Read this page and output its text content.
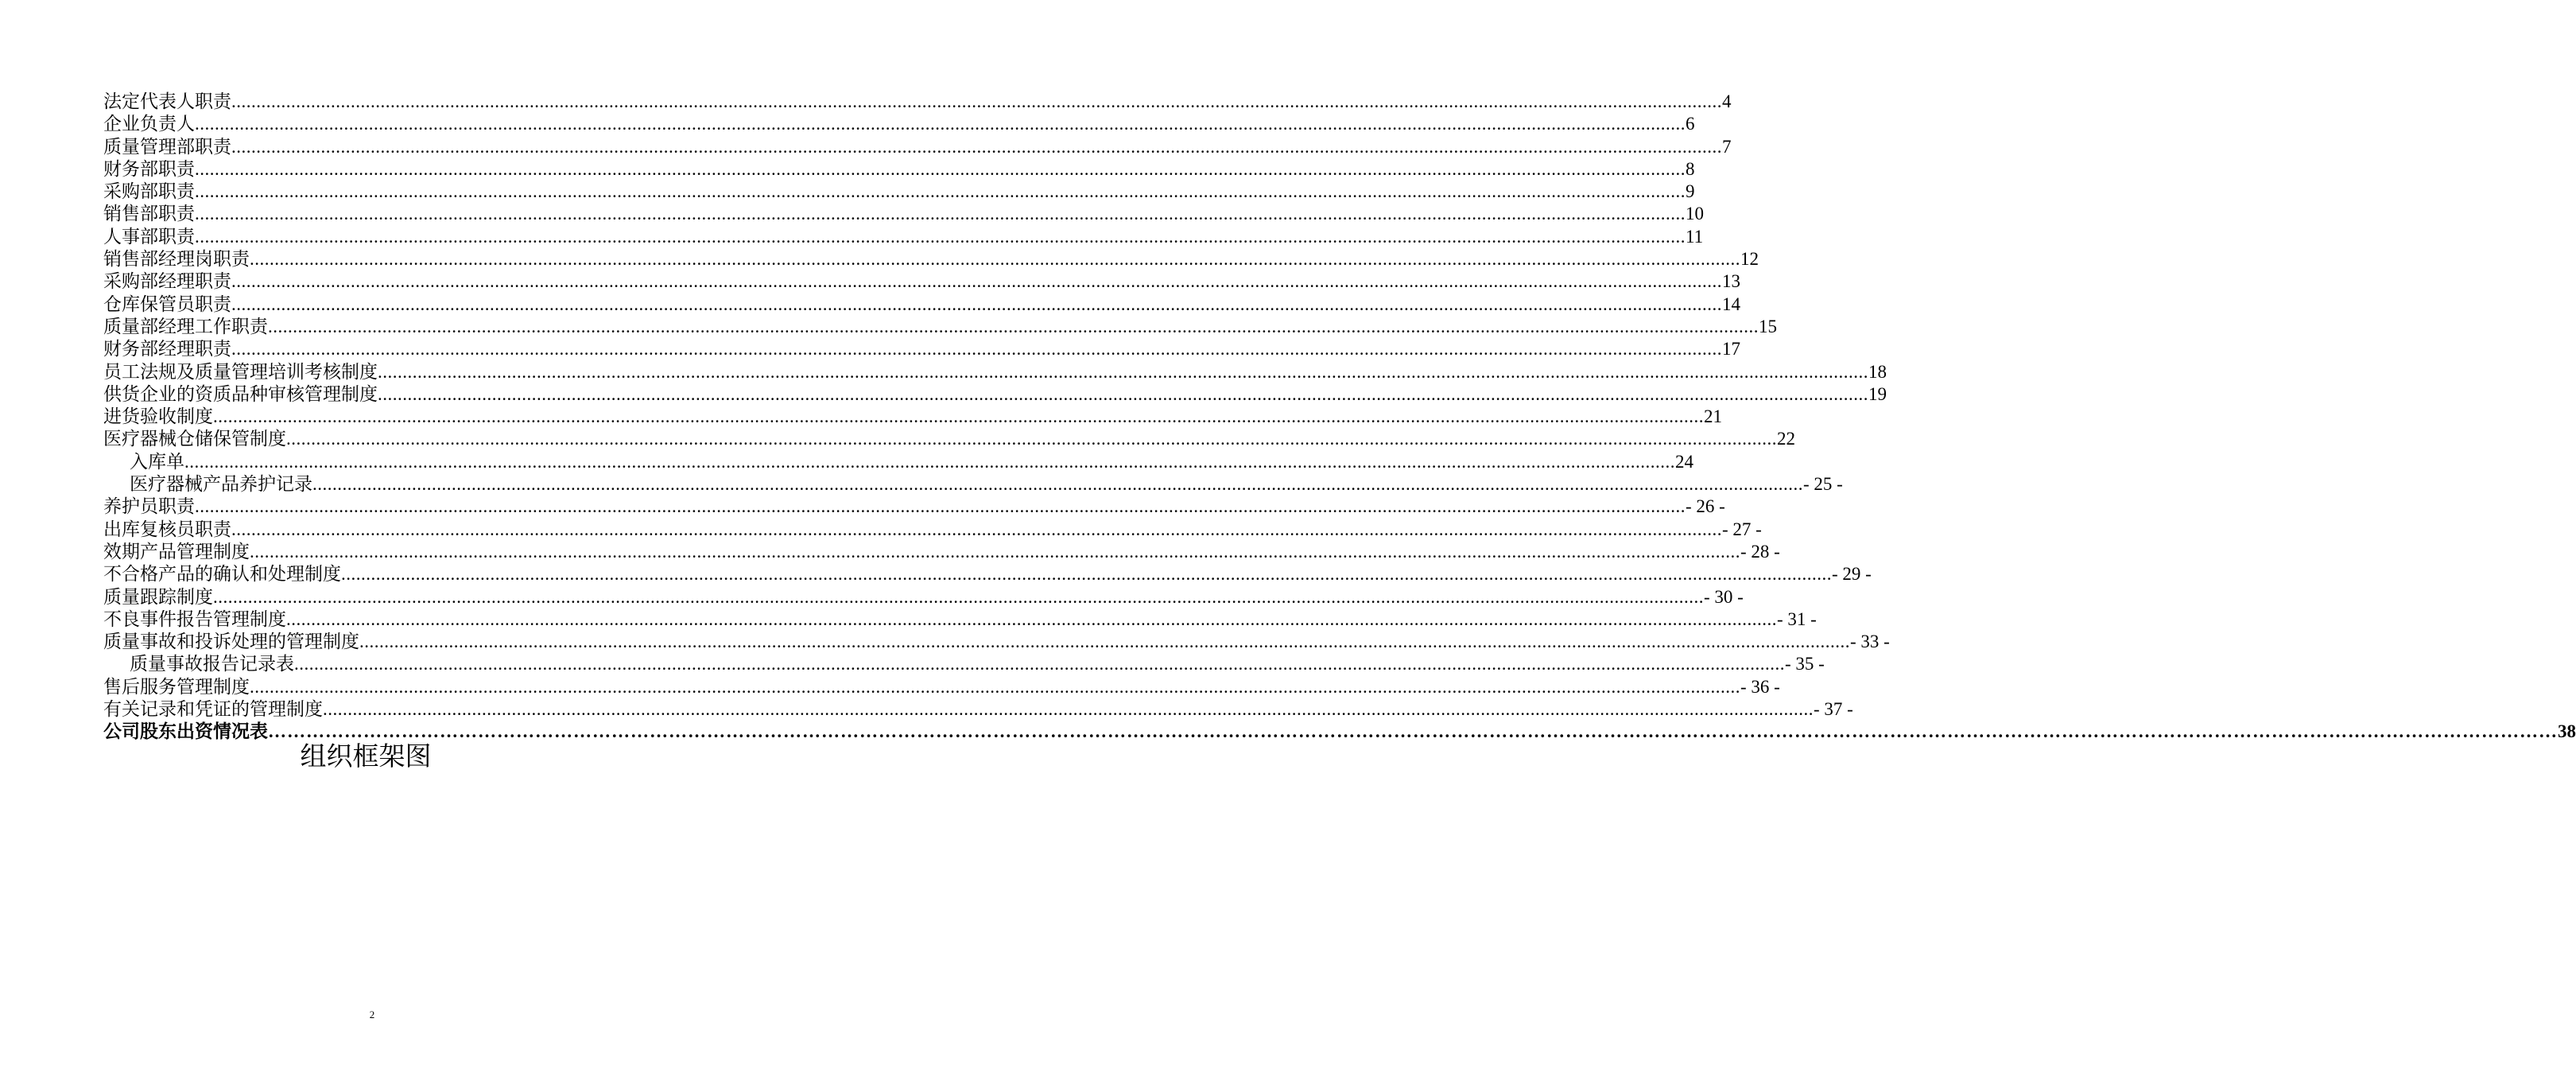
法定代表人职责 ............................................................................................................................................................................................................................................................................................................ 4
企业负责人 ............................................................................................................................................................................................................................................................................................................ 6
质量管理部职责 ............................................................................................................................................................................................................................................................................................................ 7
财务部职责 ............................................................................................................................................................................................................................................................................................................ 8
采购部职责 ............................................................................................................................................................................................................................................................................................................ 9
销售部职责 ............................................................................................................................................................................................................................................................................................................ 10
人事部职责 ............................................................................................................................................................................................................................................................................................................ 11
销售部经理岗职责 ............................................................................................................................................................................................................................................................................................................ 12
采购部经理职责 ............................................................................................................................................................................................................................................................................................................ 13
仓库保管员职责 ............................................................................................................................................................................................................................................................................................................ 14
质量部经理工作职责 ............................................................................................................................................................................................................................................................................................................ 15
财务部经理职责 ............................................................................................................................................................................................................................................................................................................ 17
员工法规及质量管理培训考核制度 ............................................................................................................................................................................................................................................................................................................ 18
供货企业的资质品种审核管理制度 ............................................................................................................................................................................................................................................................................................................ 19
进货验收制度 ............................................................................................................................................................................................................................................................................................................ 21
医疗器械仓储保管制度 ............................................................................................................................................................................................................................................................................................................ 22
入库单 ............................................................................................................................................................................................................................................................................................................ 24
医疗器械产品养护记录 ............................................................................................................................................................................................................................................................................................................ - 25 -
养护员职责 ............................................................................................................................................................................................................................................................................................................ - 26 -
出库复核员职责 ............................................................................................................................................................................................................................................................................................................ - 27 -
效期产品管理制度 ............................................................................................................................................................................................................................................................................................................ - 28 -
不合格产品的确认和处理制度 ............................................................................................................................................................................................................................................................................................................ - 29 -
质量跟踪制度 ............................................................................................................................................................................................................................................................................................................ - 30 -
不良事件报告管理制度 ............................................................................................................................................................................................................................................................................................................ - 31 -
质量事故和投诉处理的管理制度 ............................................................................................................................................................................................................................................................................................................ - 33 -
质量事故报告记录表 ............................................................................................................................................................................................................................................................................................................ - 35 -
售后服务管理制度 ............................................................................................................................................................................................................................................................................................................ - 36 -
有关记录和凭证的管理制度 ............................................................................................................................................................................................................................................................................................................ - 37 -
公司股东出资情况表 ……………………………………………………………………………………………………………………………………………………………………………………………………………………………………………………………………………………………………………………………… 38
组织框架图
2
